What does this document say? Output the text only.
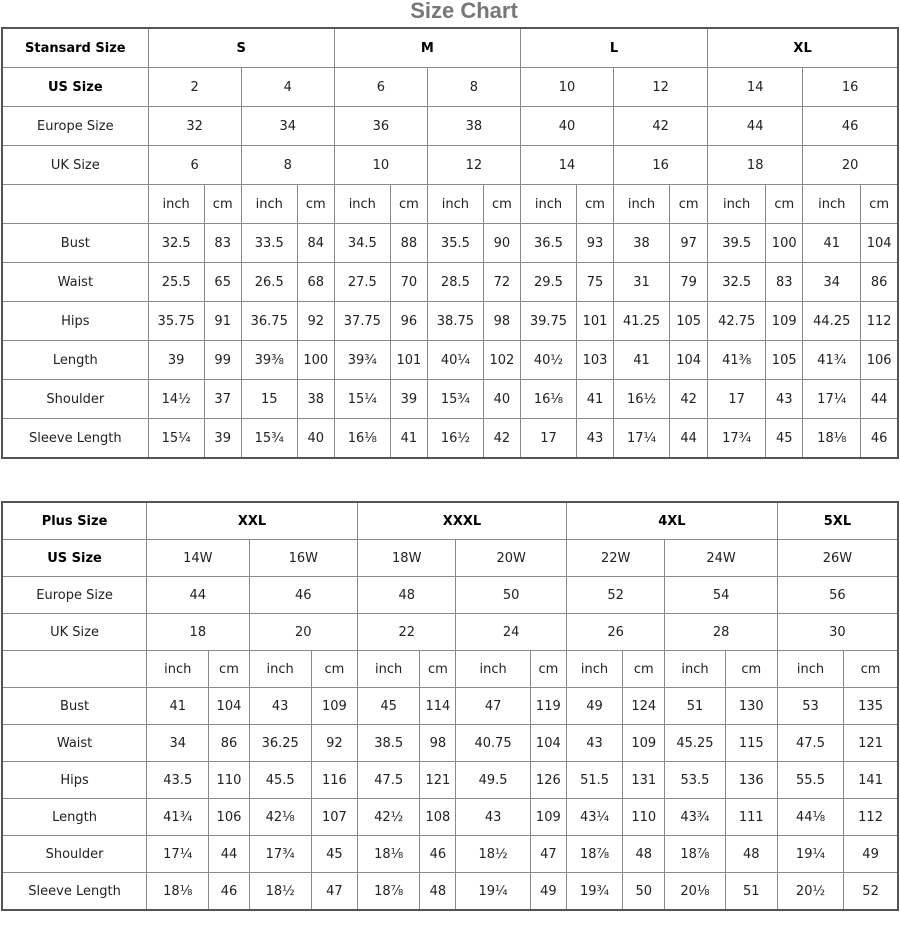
Size Chart
Stansard Size	S				M				L				XL			
US Size	2		4		6		8		10		12		14		16	
Europe Size	32		34		36		38		40		42		44		46	
UK Size	6		8		10		12		14		16		18		20	
	inch	cm	inch	cm	inch	cm	inch	cm	inch	cm	inch	cm	inch	cm	inch	cm
Bust	32.5	83	33.5	84	34.5	88	35.5	90	36.5	93	38	97	39.5	100	41	104
Waist	25.5	65	26.5	68	27.5	70	28.5	72	29.5	75	31	79	32.5	83	34	86
Hips	35.75	91	36.75	92	37.75	96	38.75	98	39.75	101	41.25	105	42.75	109	44.25	112
Length	39	99	39⅜	100	39¾	101	40¼	102	40½	103	41	104	41⅜	105	41¾	106
Shoulder	14½	37	15	38	15¼	39	15¾	40	16⅛	41	16½	42	17	43	17¼	44
Sleeve Length	15¼	39	15¾	40	16⅛	41	16½	42	17	43	17¼	44	17¾	45	18⅛	46
Plus Size	XXL				XXXL				4XL				5XL	
US Size	14W		16W		18W		20W		22W		24W		26W	
Europe Size	44		46		48		50		52		54		56	
UK Size	18		20		22		24		26		28		30	
	inch	cm	inch	cm	inch	cm	inch	cm	inch	cm	inch	cm	inch	cm
Bust	41	104	43	109	45	114	47	119	49	124	51	130	53	135
Waist	34	86	36.25	92	38.5	98	40.75	104	43	109	45.25	115	47.5	121
Hips	43.5	110	45.5	116	47.5	121	49.5	126	51.5	131	53.5	136	55.5	141
Length	41¾	106	42⅛	107	42½	108	43	109	43¼	110	43¾	111	44⅛	112
Shoulder	17¼	44	17¾	45	18⅛	46	18½	47	18⅞	48	18⅞	48	19¼	49
Sleeve Length	18⅛	46	18½	47	18⅞	48	19¼	49	19¾	50	20⅛	51	20½	52
